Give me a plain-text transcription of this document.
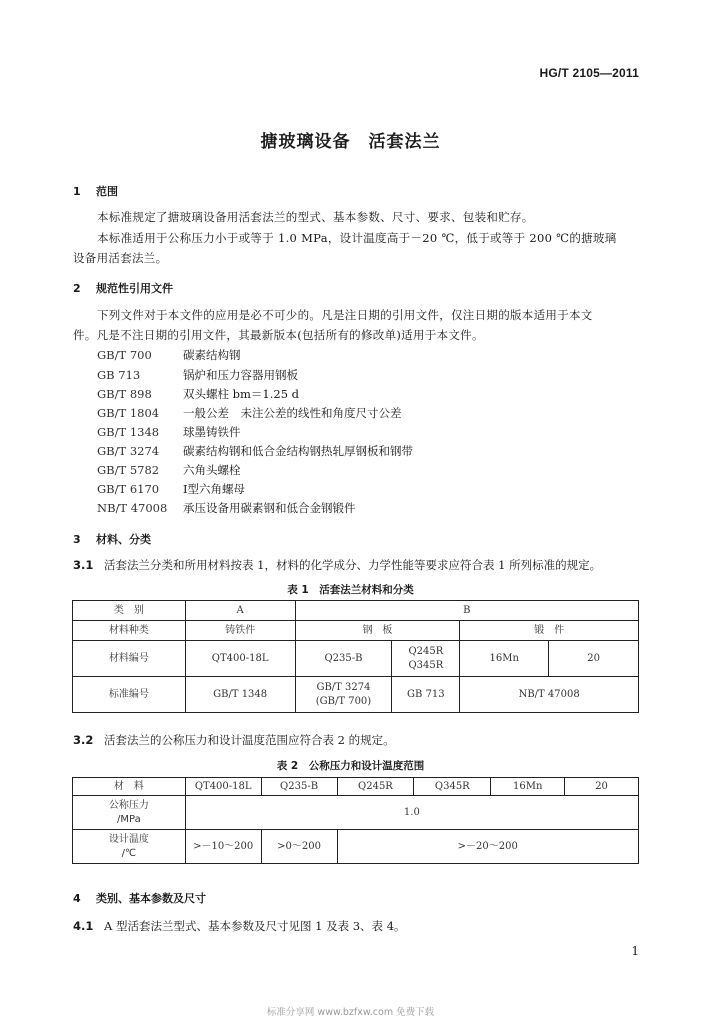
HG/T 2105—2011
搪玻璃设备　活套法兰
1 范围
本标准规定了搪玻璃设备用活套法兰的型式、基本参数、尺寸、要求、包装和贮存。
本标准适用于公称压力小于或等于 1.0 MPa，设计温度高于－20 ℃，低于或等于 200 ℃的搪玻璃
设备用活套法兰。
2 规范性引用文件
下列文件对于本文件的应用是必不可少的。凡是注日期的引用文件，仅注日期的版本适用于本文
件。凡是不注日期的引用文件，其最新版本(包括所有的修改单)适用于本文件。
GB/T 700	碳素结构钢
GB 713	锅炉和压力容器用钢板
GB/T 898	双头螺柱 bm＝1.25 d
GB/T 1804 一般公差　未注公差的线性和角度尺寸公差
GB/T 1348 球墨铸铁件
GB/T 3274 碳素结构钢和低合金结构钢热轧厚钢板和钢带
GB/T 5782 六角头螺栓
GB/T 6170 Ⅰ型六角螺母
NB/T 47008 承压设备用碳素钢和低合金钢锻件
3 材料、分类
3.1 活套法兰分类和所用材料按表 1，材料的化学成分、力学性能等要求应符合表 1 所列标准的规定。
表 1　活套法兰材料和分类
类　别	A	B			
材料种类	铸铁件	钢　板		锻　件	
材料编号	QT400-18L	Q235-B	Q245R
Q345R	16Mn	20
标准编号	GB/T 1348	GB/T 3274
(GB/T 700)	GB 713	NB/T 47008	
3.2 活套法兰的公称压力和设计温度范围应符合表 2 的规定。
表 2　公称压力和设计温度范围
材　料	QT400-18L	Q235-B	Q245R	Q345R	16Mn	20
公称压力
/MPa	1.0					
设计温度
/℃	>－10～200	>0～200	>－20～200			
4 类别、基本参数及尺寸
4.1 A 型活套法兰型式、基本参数及尺寸见图 1 及表 3、表 4。
1
标准分享网 www.bzfxw.com 免费下载
